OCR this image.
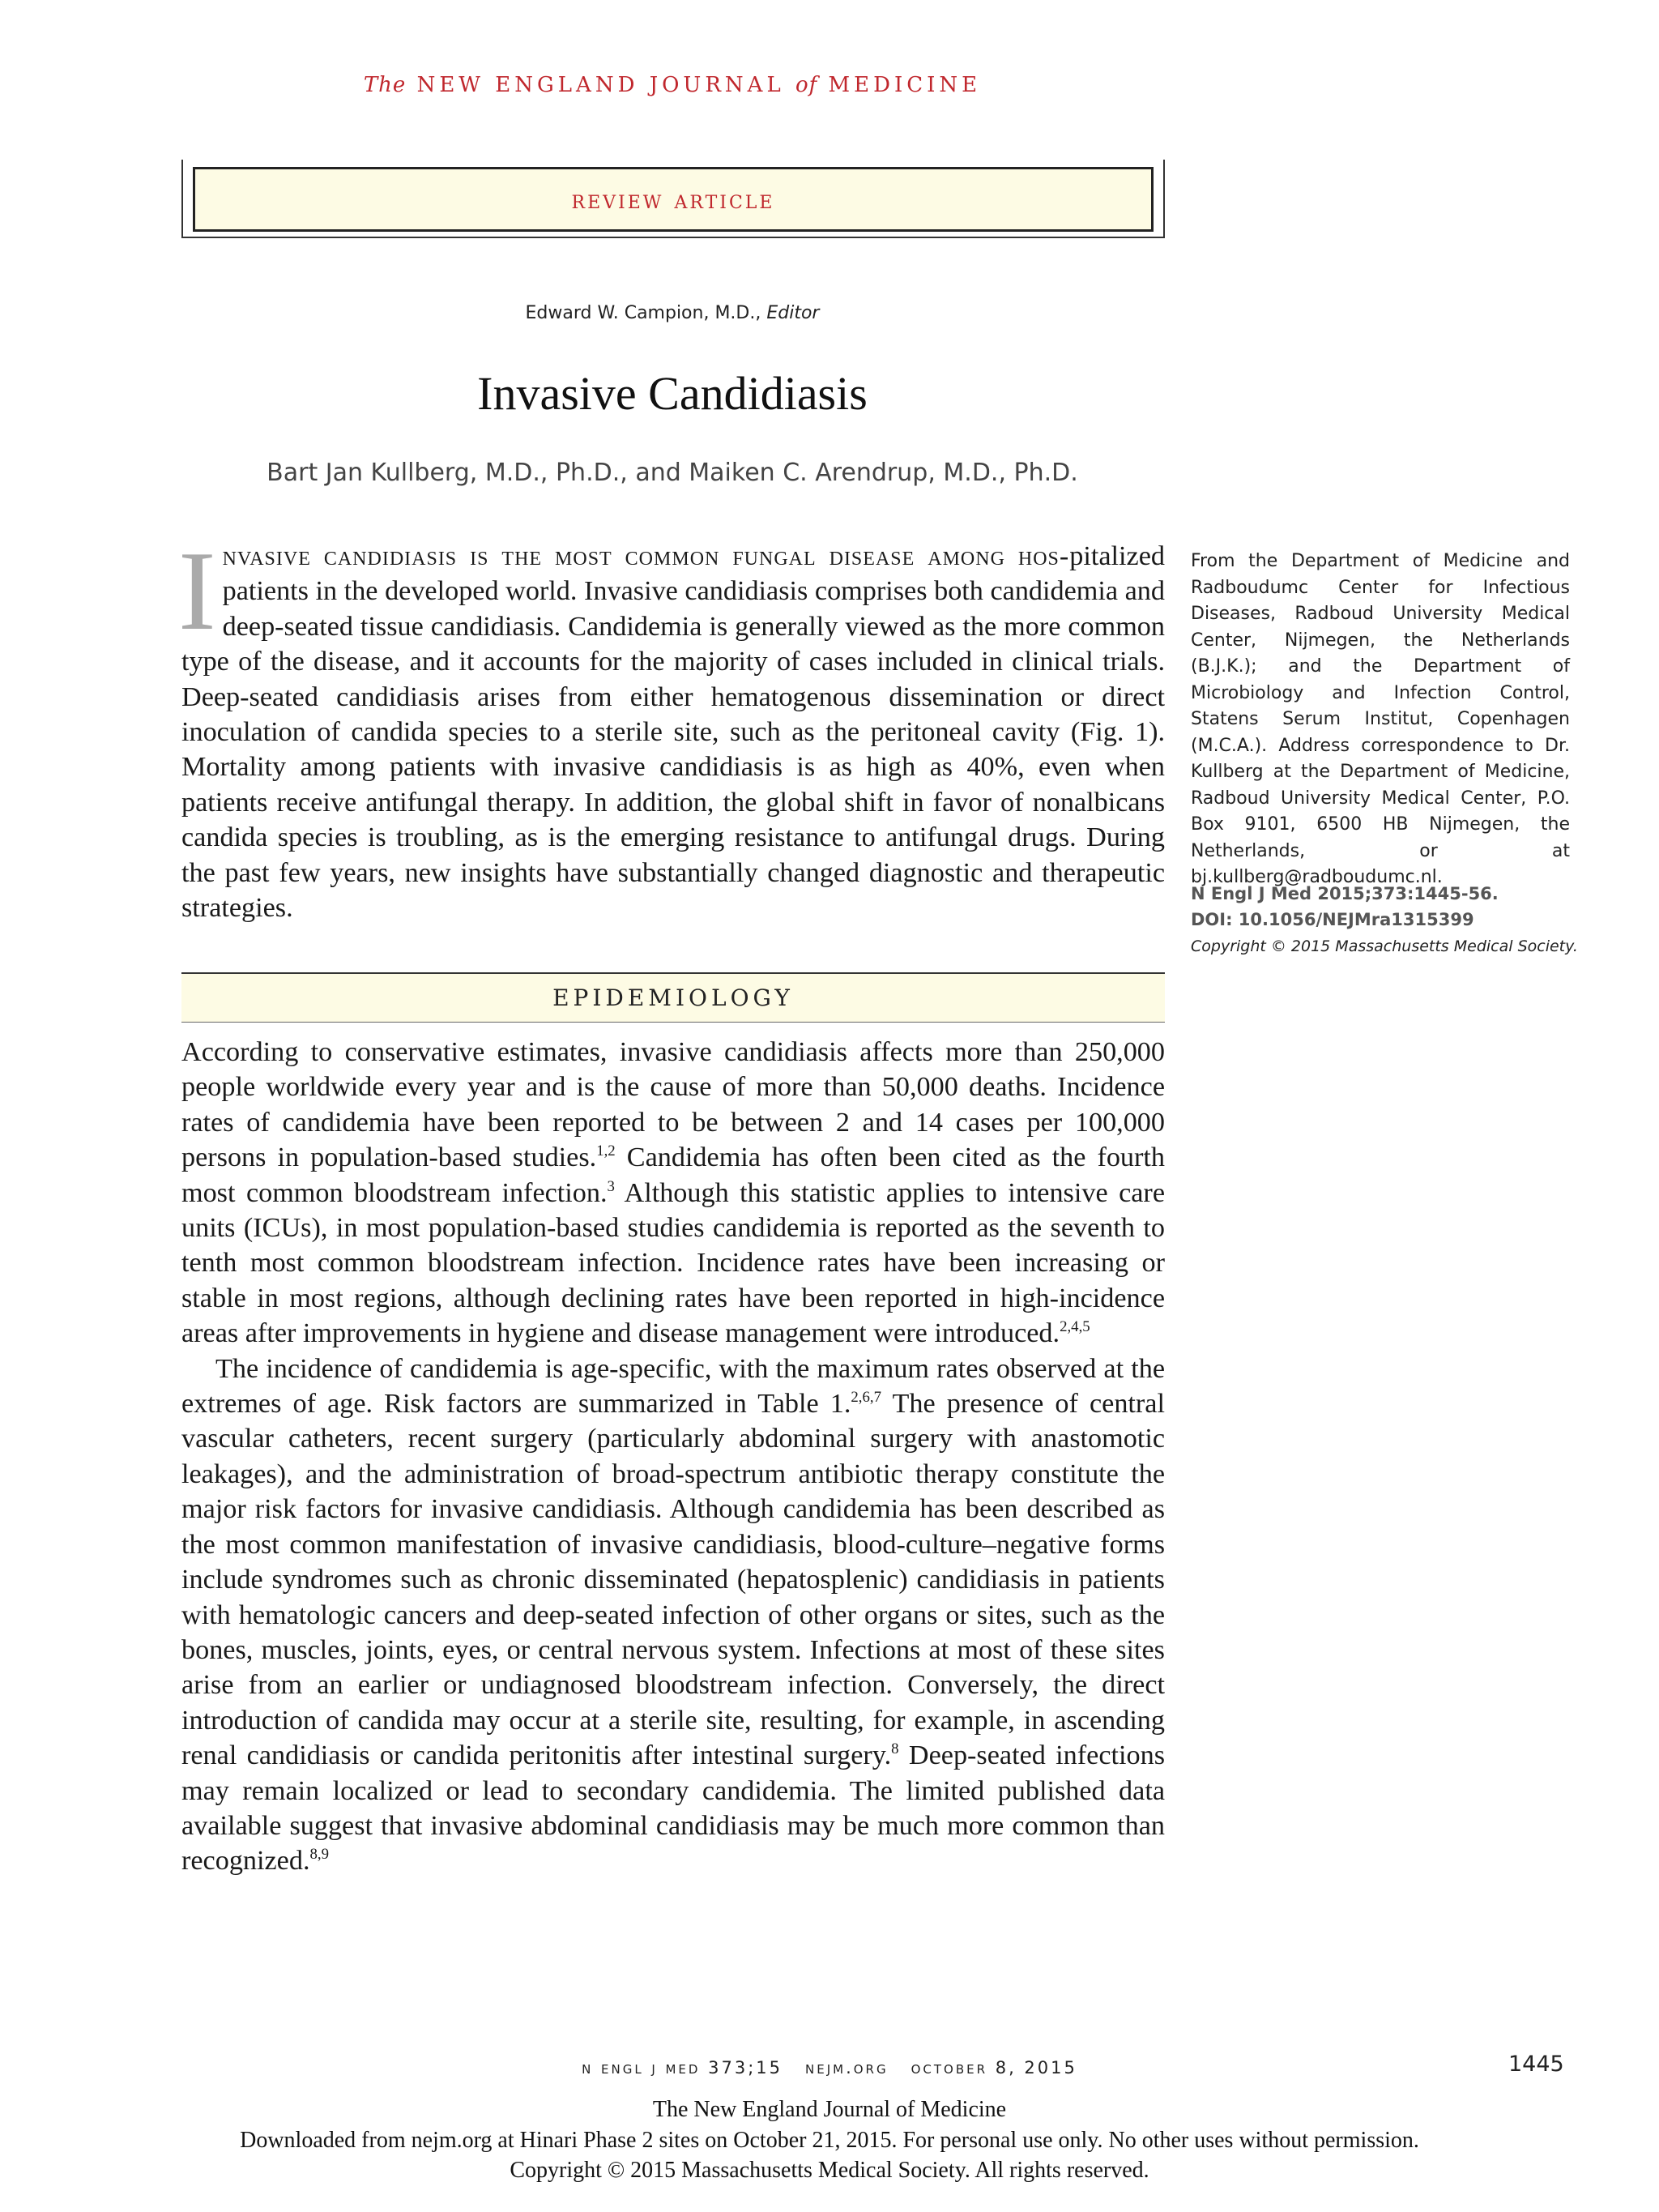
The NEW ENGLAND JOURNAL of MEDICINE
review article
Edward W. Campion, M.D., Editor
Invasive Candidiasis
Bart Jan Kullberg, M.D., Ph.D., and Maiken C. Arendrup, M.D., Ph.D.
Invasive candidiasis is the most common fungal disease among hos-pitalized patients in the developed world. Invasive candidiasis comprises both candidemia and deep-seated tissue candidiasis. Candidemia is generally viewed as the more common type of the disease, and it accounts for the majority of cases included in clinical trials. Deep-seated candidiasis arises from either hematogenous dissemination or direct inoculation of candida species to a sterile site, such as the peritoneal cavity (Fig. 1). Mortality among patients with invasive candidiasis is as high as 40%, even when patients receive antifungal therapy. In addition, the global shift in favor of nonalbicans candida species is troubling, as is the emerging resistance to antifungal drugs. During the past few years, new insights have substantially changed diagnostic and therapeutic strategies.
From the Department of Medicine and Radboudumc Center for Infectious Diseases, Radboud University Medical Center, Nijmegen, the Netherlands (B.J.K.); and the Department of Microbiology and Infection Control, Statens Serum Institut, Copenhagen (M.C.A.). Address correspondence to Dr. Kullberg at the Department of Medicine, Radboud University Medical Center, P.O. Box 9101, 6500 HB Nijmegen, the Netherlands, or at bj.kullberg@radboudumc.nl.
N Engl J Med 2015;373:1445-56.
DOI: 10.1056/NEJMra1315399
Copyright © 2015 Massachusetts Medical Society.
EPIDEMIOLOGY

According to conservative estimates, invasive candidiasis affects more than 250,000 people worldwide every year and is the cause of more than 50,000 deaths. Incidence rates of candidemia have been reported to be between 2 and 14 cases per 100,000 persons in population-based studies.$^{1,2}$ Candidemia has often been cited as the fourth most common bloodstream infection.$^3$ Although this statistic applies to intensive care units (ICUs), in most population-based studies candidemia is reported as the seventh to tenth most common bloodstream infection. Incidence rates have been increasing or stable in most regions, although declining rates have been reported in high-incidence areas after improvements in hygiene and disease management were introduced.$^{2,4,5}$

The incidence of candidemia is age-specific, with the maximum rates observed at the extremes of age. Risk factors are summarized in Table 1.$^{2,6,7}$ The presence of central vascular catheters, recent surgery (particularly abdominal surgery with anastomotic leakages), and the administration of broad-spectrum antibiotic therapy constitute the major risk factors for invasive candidiasis. Although candidemia has been described as the most common manifestation of invasive candidiasis, blood-culture–negative forms include syndromes such as chronic disseminated (hepatosplenic) candidiasis in patients with hematologic cancers and deep-seated infection of other organs or sites, such as the bones, muscles, joints, eyes, or central nervous system. Infections at most of these sites arise from an earlier or undiagnosed bloodstream infection. Conversely, the direct introduction of candida may occur at a sterile site, resulting, for example, in ascending renal candidiasis or candida peritonitis after intestinal surgery.$^8$ Deep-seated infections may remain localized or lead to secondary candidemia. The limited published data available suggest that invasive abdominal candidiasis may be much more common than recognized.$^{8,9}$

n engl j med 373;15 nejm.org october 8, 2015	1445
The New England Journal of Medicine
Downloaded from nejm.org at Hinari Phase 2 sites on October 21, 2015. For personal use only. No other uses without permission.
Copyright © 2015 Massachusetts Medical Society. All rights reserved.
